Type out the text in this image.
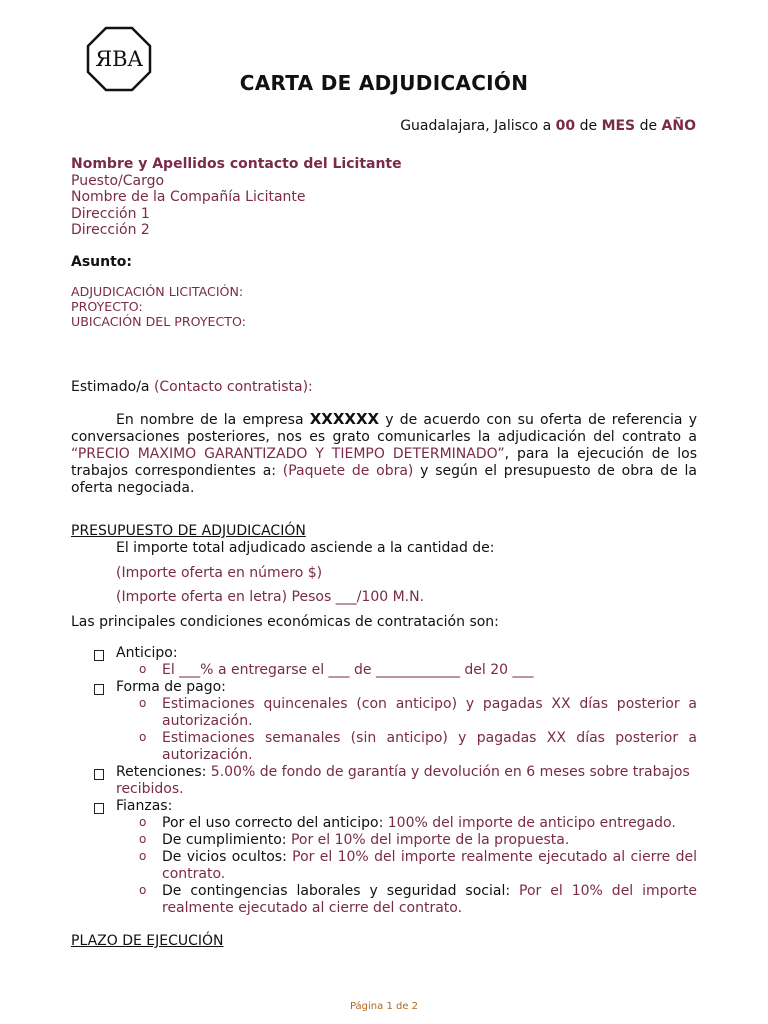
ЯBA
CARTA DE ADJUDICACIÓN
Guadalajara, Jalisco a 00 de MES de AÑO
Nombre y Apellidos contacto del Licitante
Puesto/Cargo
Nombre de la Compañía Licitante
Dirección 1
Dirección 2
Asunto:
ADJUDICACIÓN LICITACIÓN:
PROYECTO:
UBICACIÓN DEL PROYECTO:
Estimado/a (Contacto contratista):
En nombre de la empresa XXXXXX y de acuerdo con su oferta de referencia y conversaciones posteriores, nos es grato comunicarles la adjudicación del contrato a “PRECIO MAXIMO GARANTIZADO Y TIEMPO DETERMINADO”, para la ejecución de los trabajos correspondientes a: (Paquete de obra) y según el presupuesto de obra de la oferta negociada.
PRESUPUESTO DE ADJUDICACIÓN
El importe total adjudicado asciende a la cantidad de:
(Importe oferta en número $)
(Importe oferta en letra) Pesos ___/100 M.N.
Las principales condiciones económicas de contratación son:
Anticipo:
o El ___% a entregarse el ___ de ____________ del 20 ___
Forma de pago:
o Estimaciones quincenales (con anticipo) y pagadas XX días posterior a autorización.
o Estimaciones semanales (sin anticipo) y pagadas XX días posterior a autorización.
Retenciones: 5.00% de fondo de garantía y devolución en 6 meses sobre trabajos recibidos.
Fianzas:
o Por el uso correcto del anticipo: 100% del importe de anticipo entregado.
o De cumplimiento: Por el 10% del importe de la propuesta.
o De vicios ocultos: Por el 10% del importe realmente ejecutado al cierre del contrato.
o De contingencias laborales y seguridad social: Por el 10% del importe realmente ejecutado al cierre del contrato.
PLAZO DE EJECUCIÓN
Página 1 de 2
